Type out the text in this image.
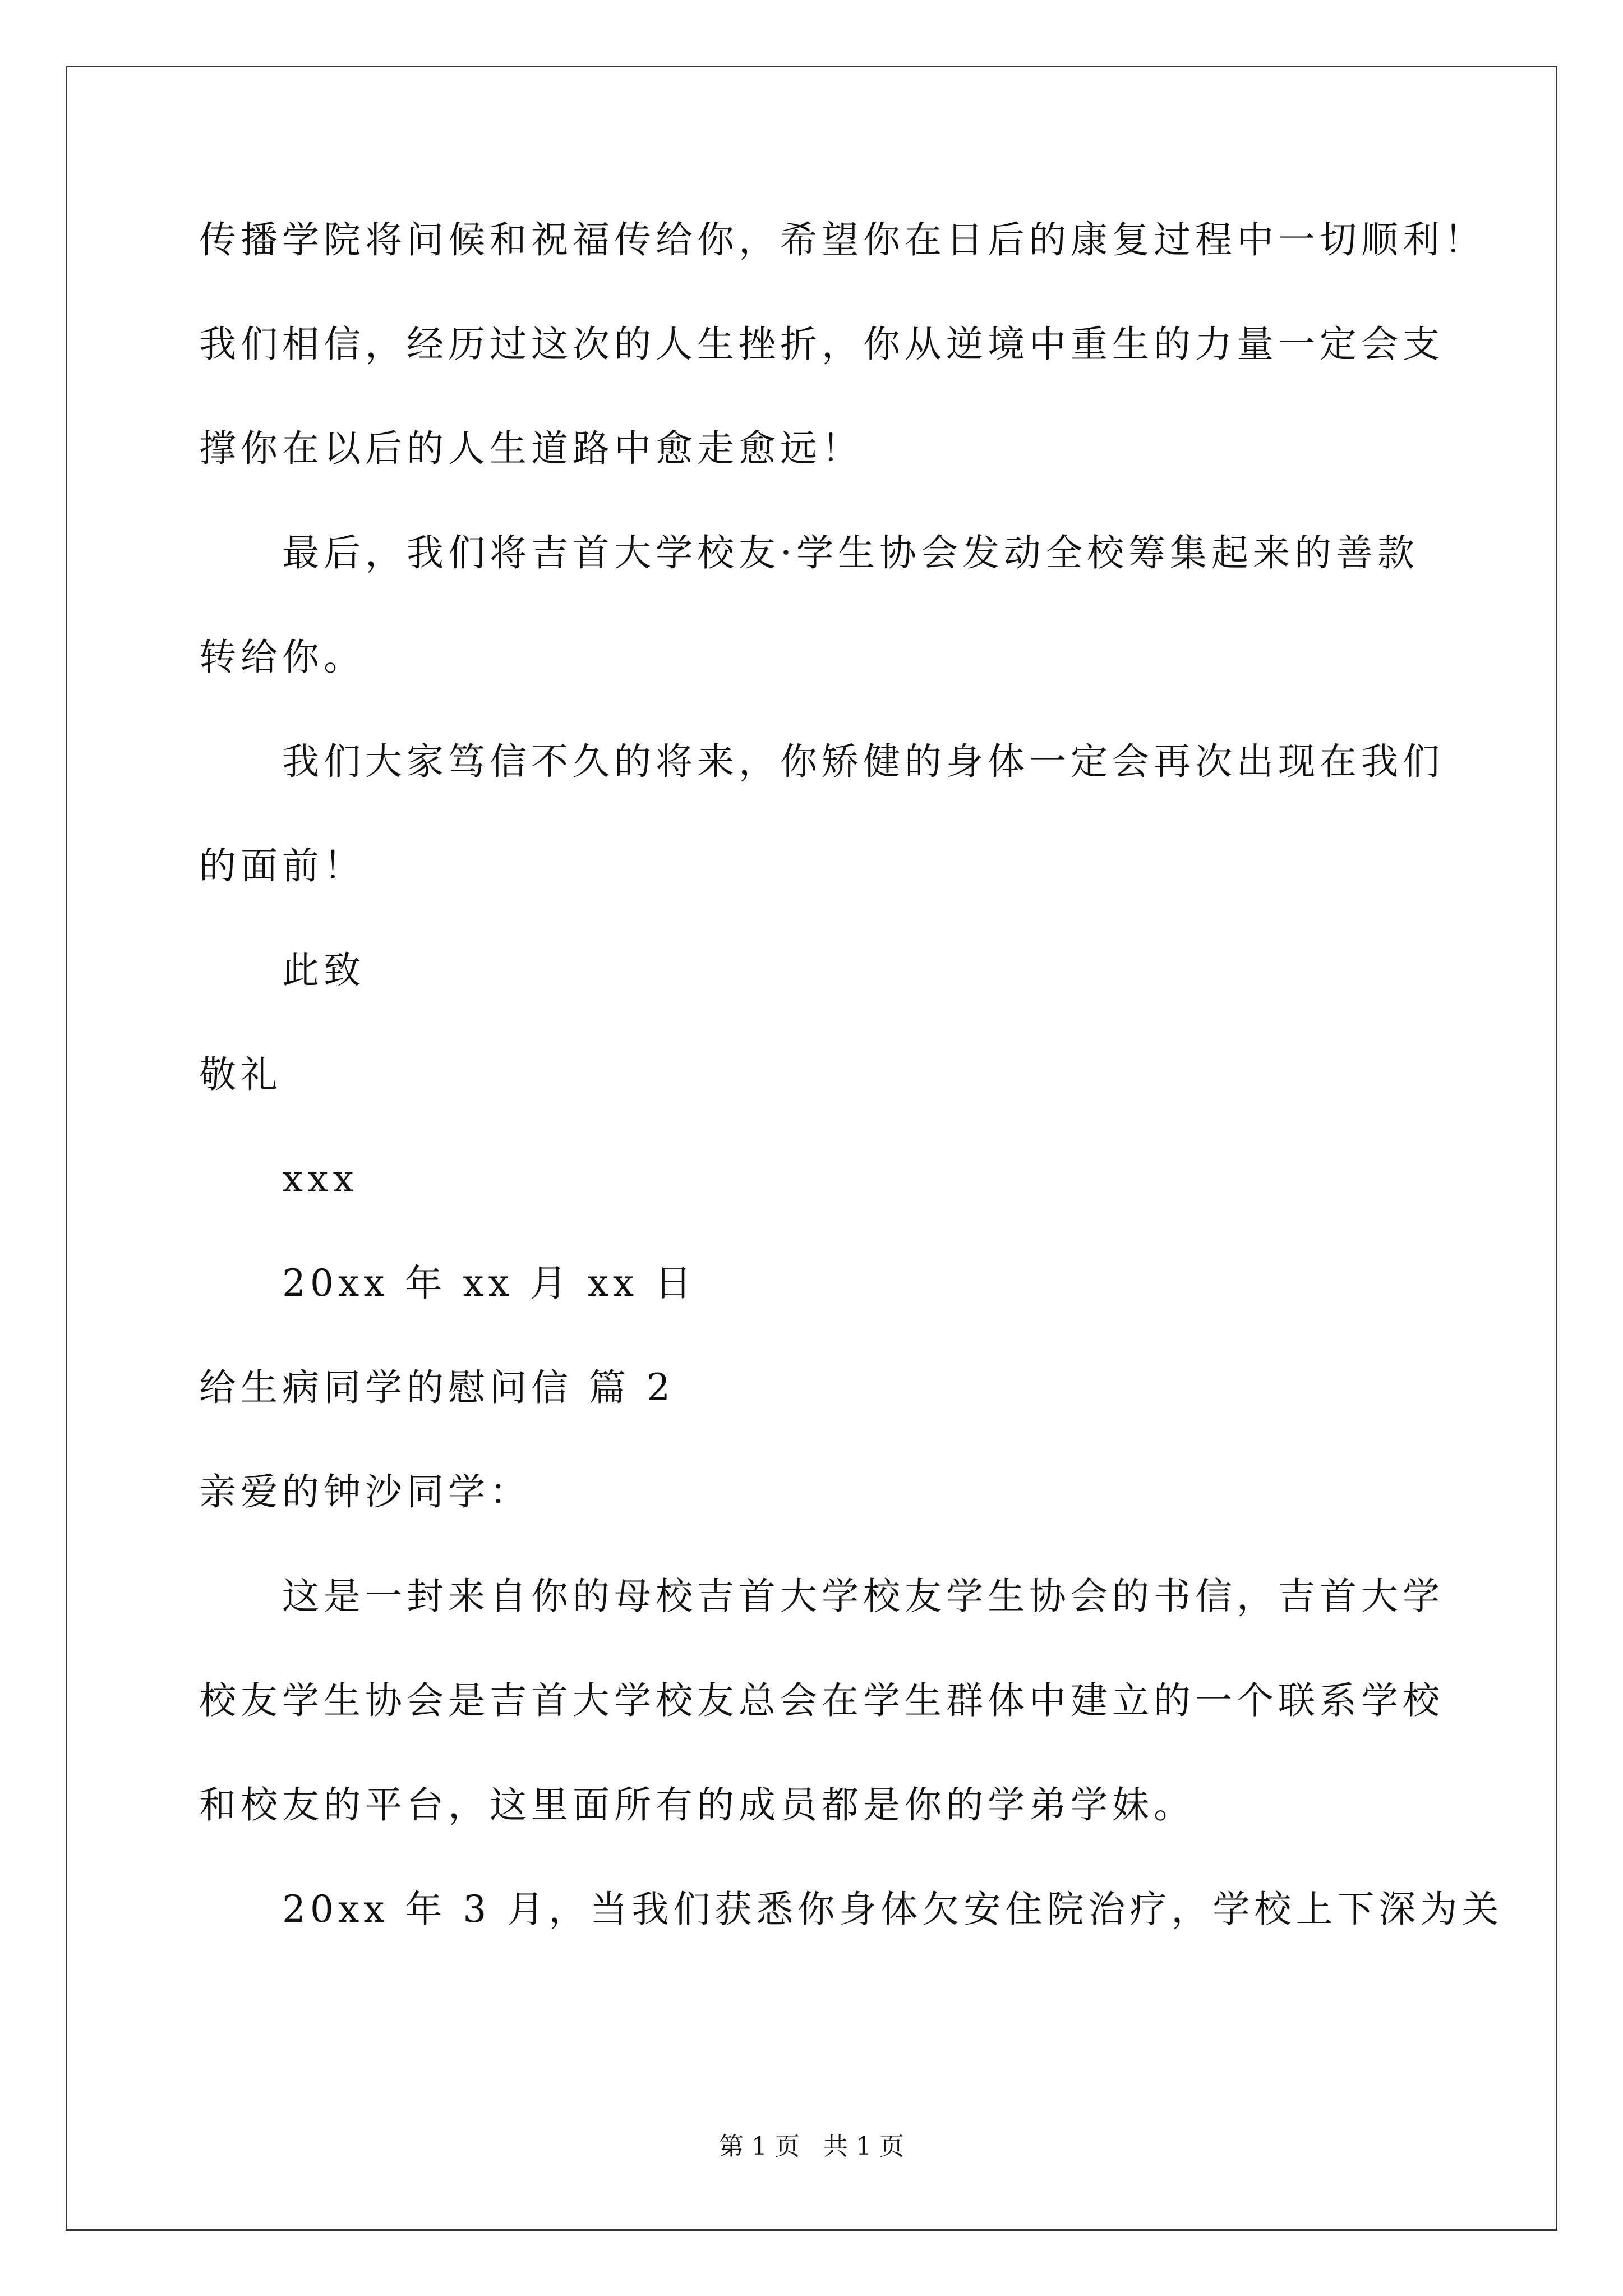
传播学院将问候和祝福传给你，希望你在日后的康复过程中一切顺利！
我们相信，经历过这次的人生挫折，你从逆境中重生的力量一定会支
撑你在以后的人生道路中愈走愈远！
最后，我们将吉首大学校友·学生协会发动全校筹集起来的善款
转给你。
我们大家笃信不久的将来，你矫健的身体一定会再次出现在我们
的面前！
此致
敬礼
xxx
20xx 年 xx 月 xx 日
给生病同学的慰问信 篇 2
亲爱的钟沙同学：
这是一封来自你的母校吉首大学校友学生协会的书信，吉首大学
校友学生协会是吉首大学校友总会在学生群体中建立的一个联系学校
和校友的平台，这里面所有的成员都是你的学弟学妹。
20xx 年 3 月，当我们获悉你身体欠安住院治疗，学校上下深为关
第 1 页   共 1 页
